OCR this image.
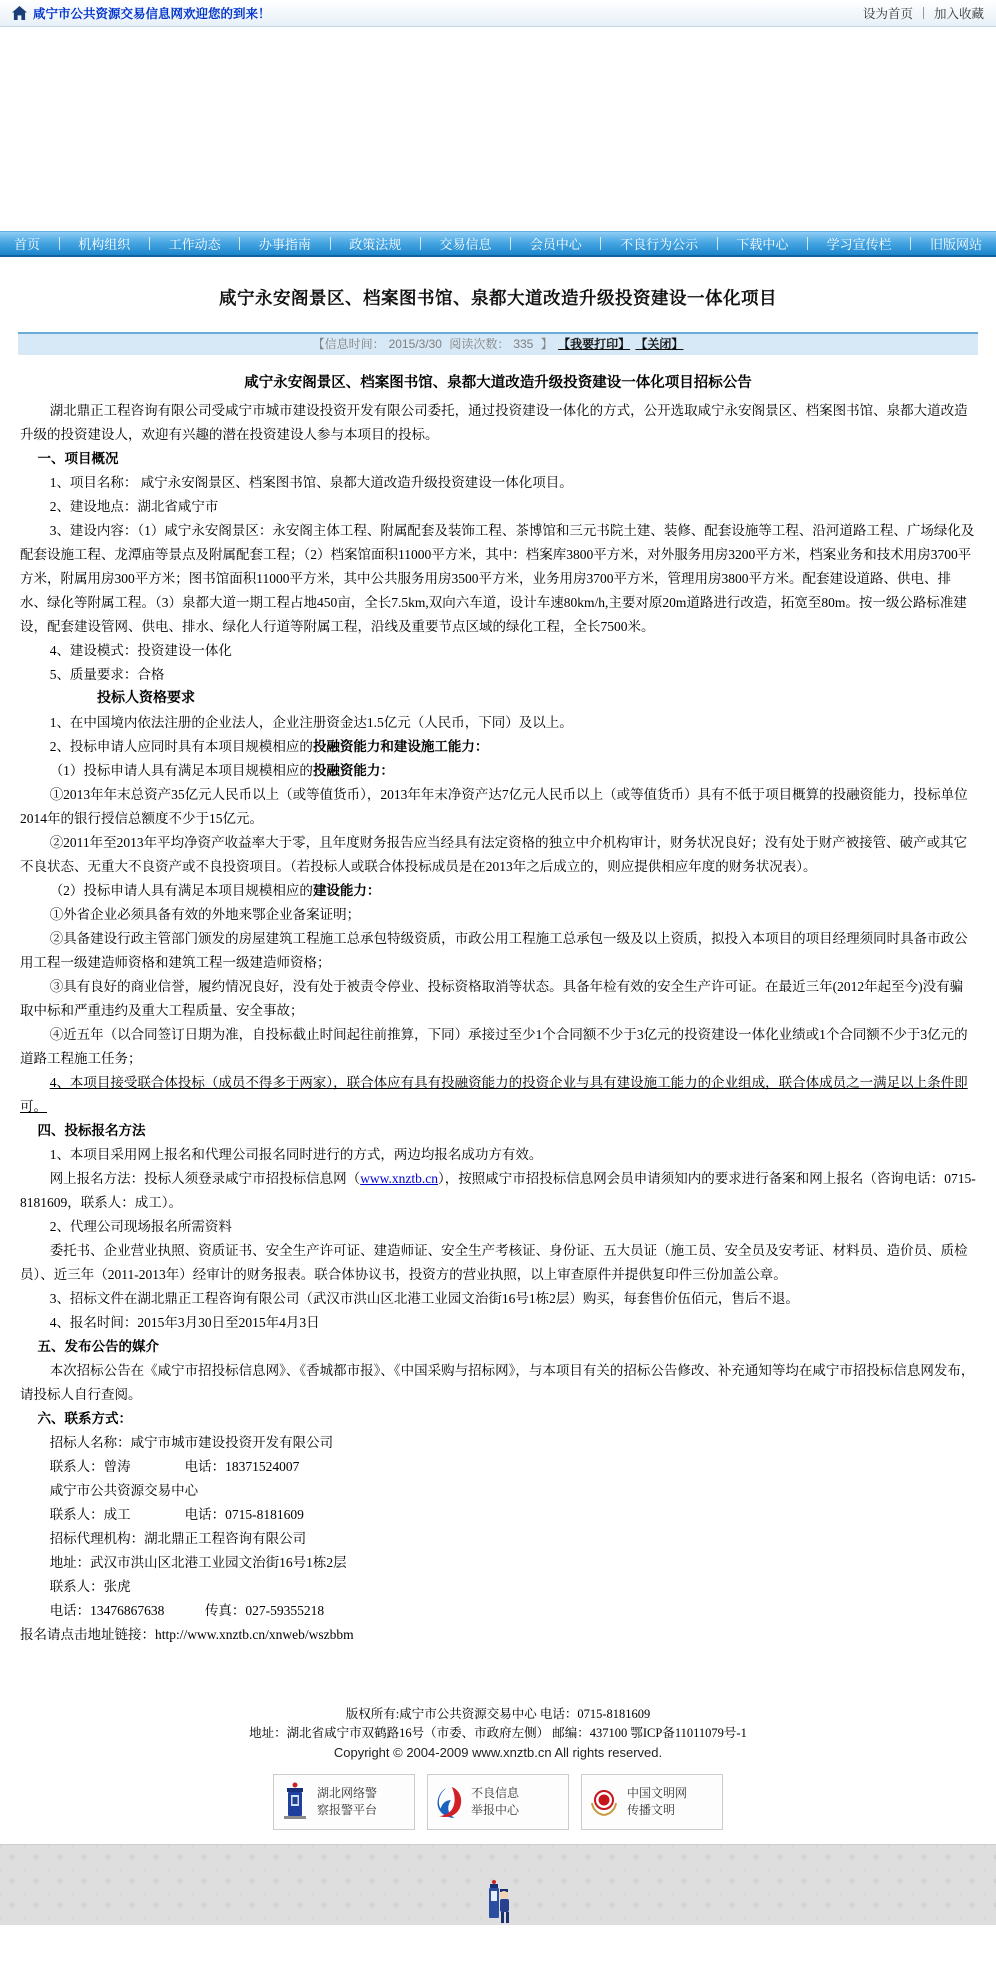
咸宁市公共资源交易信息网欢迎您的到来！	设为首页 加入收藏
首页	机构组织	工作动态	办事指南	政策法规	交易信息	会员中心	不良行为公示	下载中心	学习宣传栏	旧版网站
咸宁永安阁景区、档案图书馆、泉都大道改造升级投资建设一体化项目
【信息时间： 2015/3/30 阅读次数： 335 】 【我要打印】 【关闭】

咸宁永安阁景区、档案图书馆、泉都大道改造升级投资建设一体化项目招标公告

湖北鼎正工程咨询有限公司受咸宁市城市建设投资开发有限公司委托，通过投资建设一体化的方式，公开选取咸宁永安阁景区、档案图书馆、泉都大道改造升级的投资建设人，欢迎有兴趣的潜在投资建设人参与本项目的投标。

一、项目概况

1、项目名称： 咸宁永安阁景区、档案图书馆、泉都大道改造升级投资建设一体化项目。

2、建设地点：湖北省咸宁市

3、建设内容：（1）咸宁永安阁景区：永安阁主体工程、附属配套及装饰工程、茶博馆和三元书院土建、装修、配套设施等工程、沿河道路工程、广场绿化及配套设施工程、龙潭庙等景点及附属配套工程；（2）档案馆面积11000平方米，其中：档案库3800平方米，对外服务用房3200平方米，档案业务和技术用房3700平方米，附属用房300平方米；图书馆面积11000平方米，其中公共服务用房3500平方米，业务用房3700平方米，管理用房3800平方米。配套建设道路、供电、排水、绿化等附属工程。（3）泉都大道一期工程占地450亩，全长7.5km,双向六车道，设计车速80km/h,主要对原20m道路进行改造，拓宽至80m。按一级公路标准建设，配套建设管网、供电、排水、绿化人行道等附属工程，沿线及重要节点区域的绿化工程，全长7500米。

4、建设模式：投资建设一体化

5、质量要求：合格

投标人资格要求

1、在中国境内依法注册的企业法人，企业注册资金达1.5亿元（人民币，下同）及以上。

2、投标申请人应同时具有本项目规模相应的投融资能力和建设施工能力：

（1）投标申请人具有满足本项目规模相应的投融资能力：

①2013年年末总资产35亿元人民币以上（或等值货币），2013年年末净资产达7亿元人民币以上（或等值货币）具有不低于项目概算的投融资能力，投标单位2014年的银行授信总额度不少于15亿元。

②2011年至2013年平均净资产收益率大于零，且年度财务报告应当经具有法定资格的独立中介机构审计，财务状况良好；没有处于财产被接管、破产或其它不良状态、无重大不良资产或不良投资项目。（若投标人或联合体投标成员是在2013年之后成立的，则应提供相应年度的财务状况表）。

（2）投标申请人具有满足本项目规模相应的建设能力：

①外省企业必须具备有效的外地来鄂企业备案证明；

②具备建设行政主管部门颁发的房屋建筑工程施工总承包特级资质，市政公用工程施工总承包一级及以上资质，拟投入本项目的项目经理须同时具备市政公用工程一级建造师资格和建筑工程一级建造师资格；

③具有良好的商业信誉，履约情况良好，没有处于被责令停业、投标资格取消等状态。具备年检有效的安全生产许可证。在最近三年(2012年起至今)没有骗取中标和严重违约及重大工程质量、安全事故；

④近五年（以合同签订日期为准，自投标截止时间起往前推算，下同）承接过至少1个合同额不少于3亿元的投资建设一体化业绩或1个合同额不少于3亿元的道路工程施工任务；

4、本项目接受联合体投标（成员不得多于两家），联合体应有具有投融资能力的投资企业与具有建设施工能力的企业组成，联合体成员之一满足以上条件即可。

四、投标报名方法

1、本项目采用网上报名和代理公司报名同时进行的方式，两边均报名成功方有效。

网上报名方法：投标人须登录咸宁市招投标信息网（www.xnztb.cn），按照咸宁市招投标信息网会员申请须知内的要求进行备案和网上报名（咨询电话：0715-8181609，联系人：成工）。

2、代理公司现场报名所需资料

委托书、企业营业执照、资质证书、安全生产许可证、建造师证、安全生产考核证、身份证、五大员证（施工员、安全员及安考证、材料员、造价员、质检员）、近三年（2011-2013年）经审计的财务报表。联合体协议书，投资方的营业执照，以上审查原件并提供复印件三份加盖公章。

3、招标文件在湖北鼎正工程咨询有限公司（武汉市洪山区北港工业园文治街16号1栋2层）购买，每套售价伍佰元，售后不退。

4、报名时间：2015年3月30日至2015年4月3日

五、发布公告的媒介

本次招标公告在《咸宁市招投标信息网》、《香城都市报》、《中国采购与招标网》，与本项目有关的招标公告修改、补充通知等均在咸宁市招投标信息网发布，请投标人自行查阅。

六、联系方式：

招标人名称：咸宁市城市建设投资开发有限公司

联系人：曾涛　　　　电话：18371524007

咸宁市公共资源交易中心

联系人：成工　　　　电话：0715-8181609

招标代理机构：湖北鼎正工程咨询有限公司

地址：武汉市洪山区北港工业园文治街16号1栋2层

联系人：张虎

电话：13476867638　　　传真：027-59355218

报名请点击地址链接：http://www.xnztb.cn/xnweb/wszbbm

版权所有:咸宁市公共资源交易中心 电话：0715-8181609
地址：湖北省咸宁市双鹤路16号（市委、市政府左侧） 邮编：437100 鄂ICP备11011079号-1
Copyright © 2004-2009 www.xnztb.cn All rights reserved.
湖北网络警
察报警平台
不良信息
举报中心
中国文明网
传播文明
